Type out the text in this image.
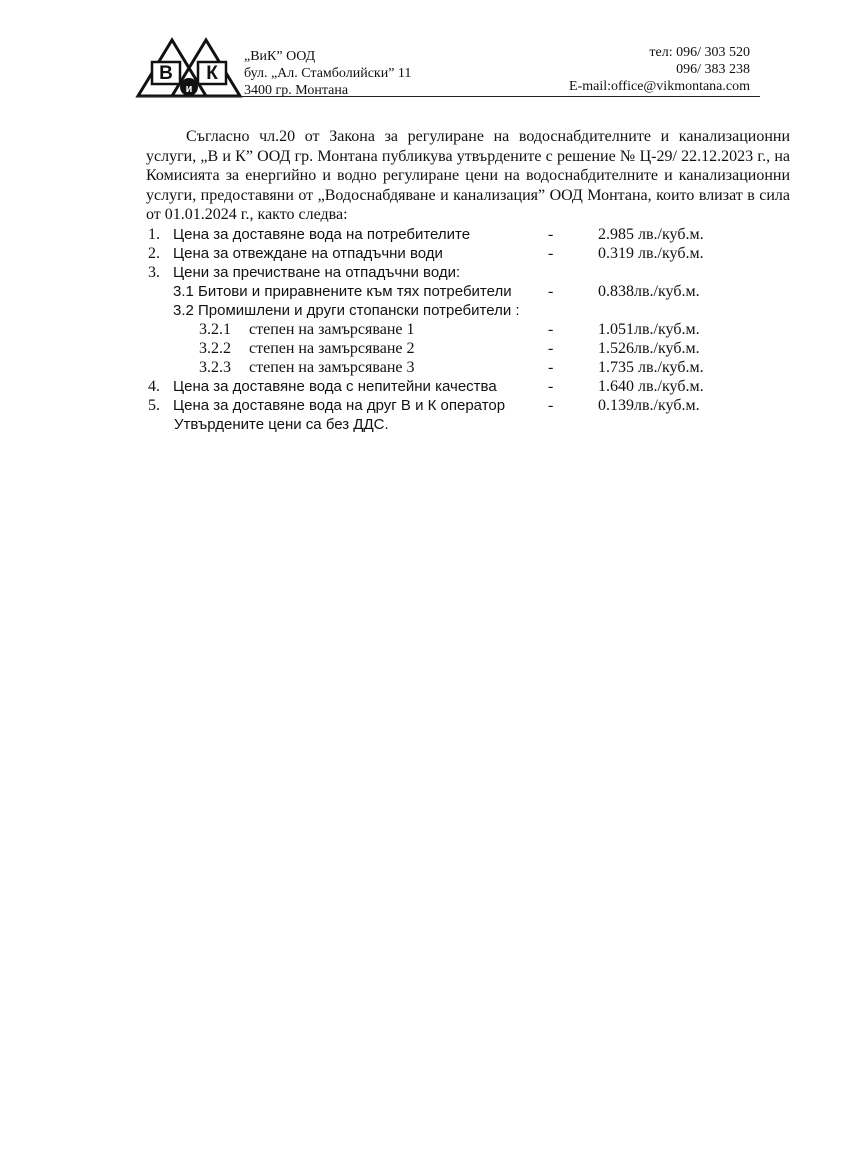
В К
и
„ВиК” ООД
бул. „Ал. Стамболийски” 11
3400 гр. Монтана
тел: 096/ 303 520
096/ 383 238
E-mail:office@vikmontana.com

Съгласно чл.20 от Закона за регулиране на водоснабдителните и канализационни услуги, „В и К” ООД гр. Монтана публикува утвърдените с решение № Ц-29/ 22.12.2023 г., на Комисията за енергийно и водно регулиране цени на водоснабдителните и канализационни услуги, предоставяни от „Водоснабдяване и канализация” ООД Монтана, които влизат в сила от 01.01.2024 г., както следва:

1. Цена за доставяне вода на потребителите	-	2.985 лв./куб.м.
2. Цена за отвеждане на отпадъчни води	-	0.319 лв./куб.м.
3. Цени за пречистване на отпадъчни води:
3.1 Битови и приравнените към тях потребители -	0.838лв./куб.м.
3.2 Промишлени и други стопански потребители :
3.2.1 степен на замърсяване 1	-	1.051лв./куб.м.
3.2.2 степен на замърсяване 2	-	1.526лв./куб.м.
3.2.3 степен на замърсяване 3	-	1.735 лв./куб.м.
4. Цена за доставяне вода с непитейни качества	-	1.640 лв./куб.м.
5. Цена за доставяне вода на друг В и К оператор	-	0.139лв./куб.м.
Утвърдените цени са без ДДС.
